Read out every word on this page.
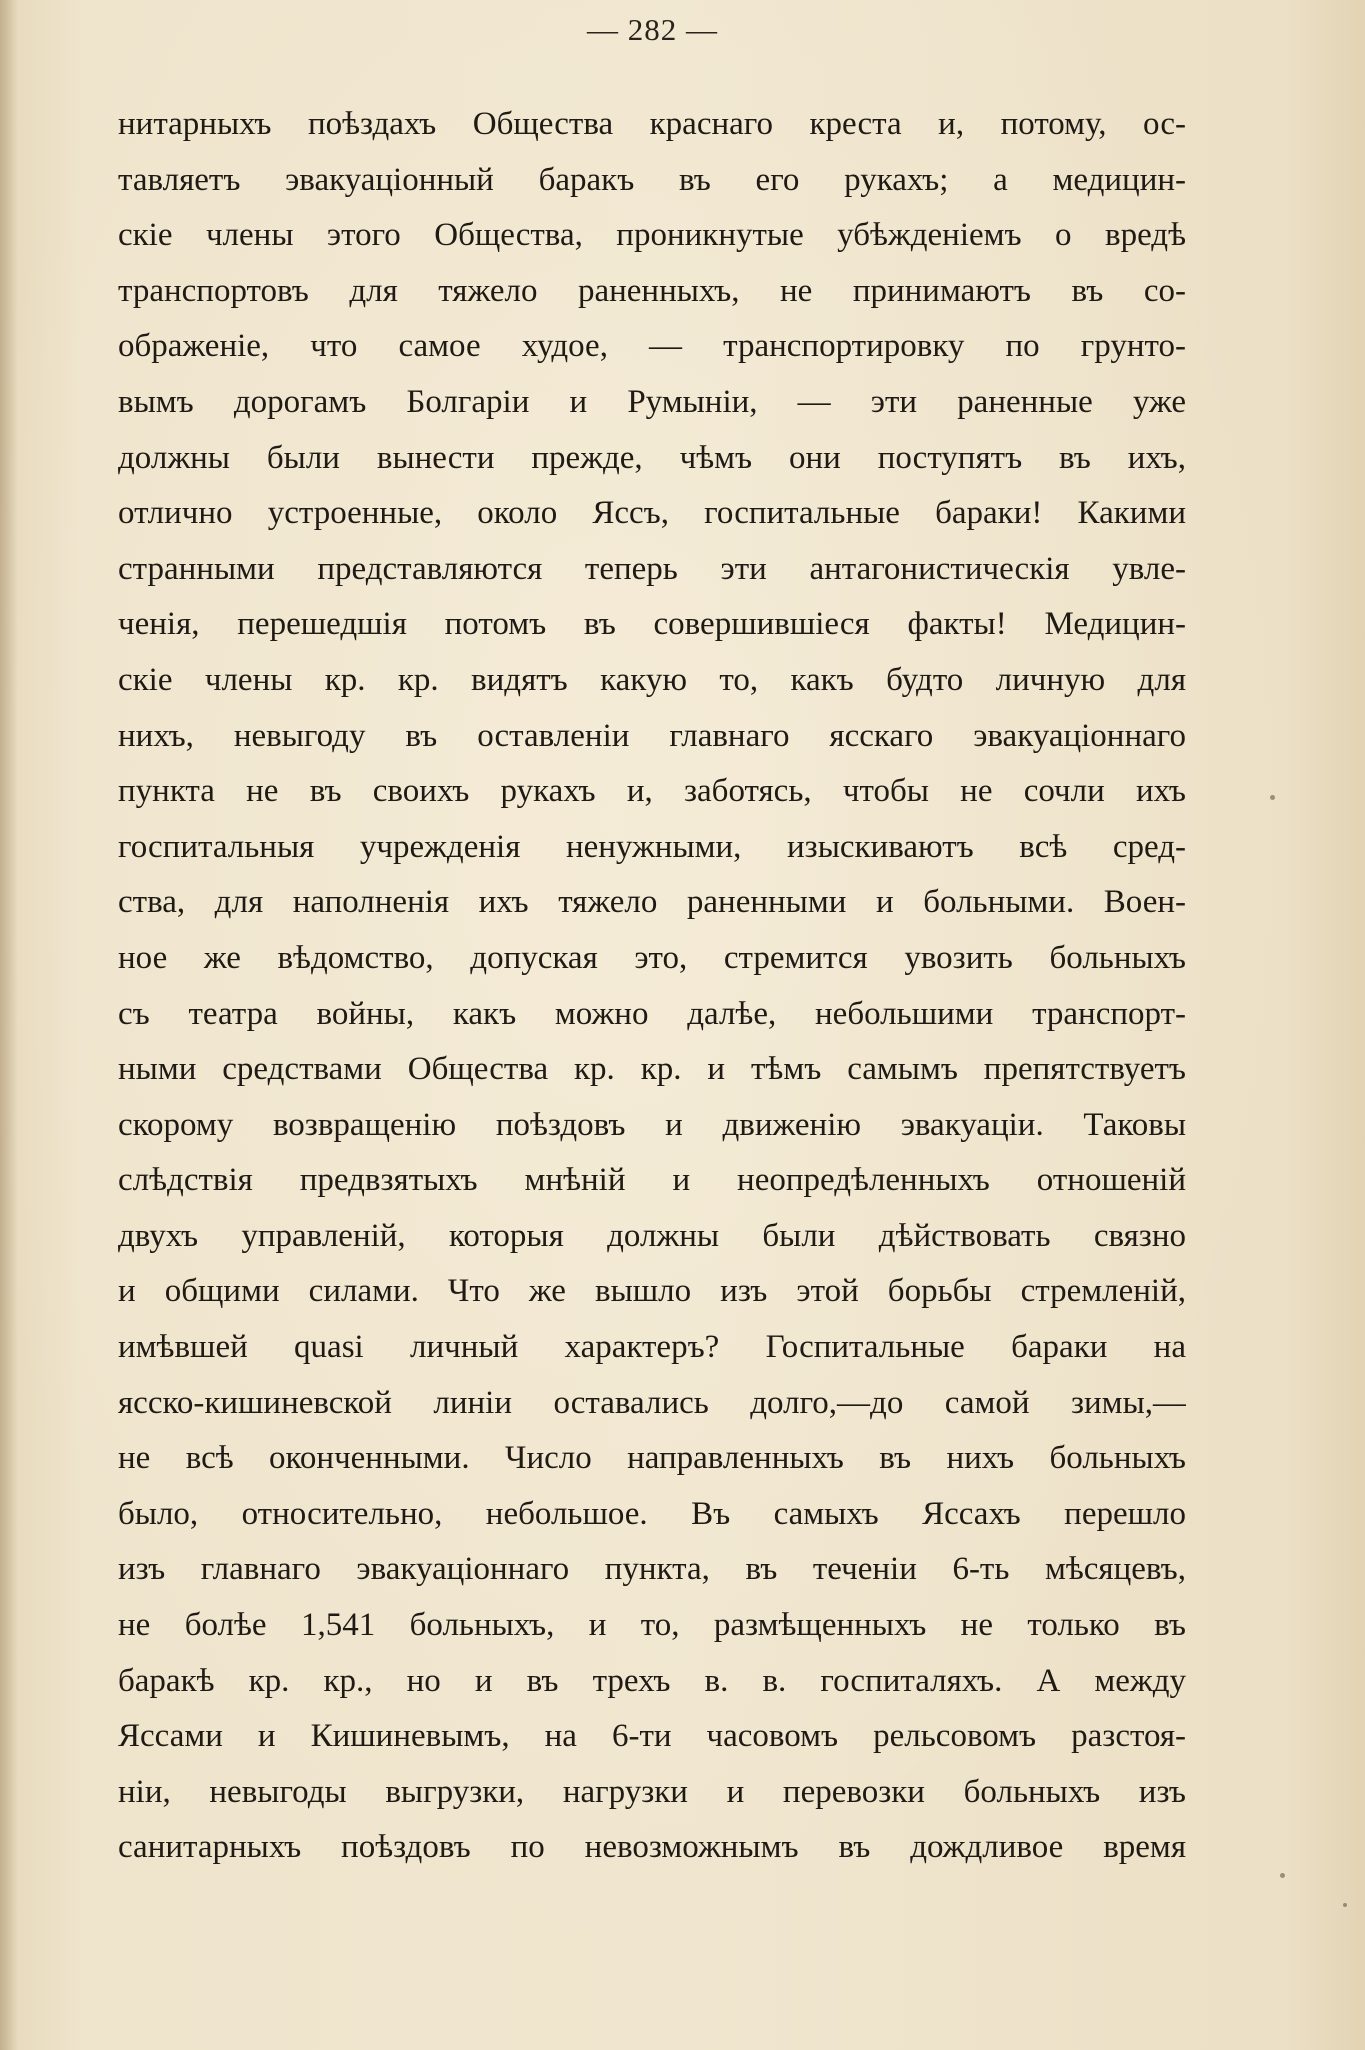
— 282 —
нитарныхъ поѣздахъ Общества краснаго креста и, потому, ос-
тавляетъ эвакуаціонный баракъ въ его рукахъ; а медицин-
скіе члены этого Общества, проникнутые убѣжденіемъ о вредѣ
транспортовъ для тяжело раненныхъ, не принимаютъ въ со-
ображеніе, что самое худое, — транспортировку по грунто-
вымъ дорогамъ Болгаріи и Румыніи, — эти раненные уже
должны были вынести прежде, чѣмъ они поступятъ въ ихъ,
отлично устроенные, около Яссъ, госпитальные бараки! Какими
странными представляются теперь эти антагонистическія увле-
ченія, перешедшія потомъ въ совершившіеся факты! Медицин-
скіе члены кр. кр. видятъ какую то, какъ будто личную для
нихъ, невыгоду въ оставленіи главнаго ясскаго эвакуаціоннаго
пункта не въ своихъ рукахъ и, заботясь, чтобы не сочли ихъ
госпитальныя учрежденія ненужными, изыскиваютъ всѣ сред-
ства, для наполненія ихъ тяжело раненными и больными. Воен-
ное же вѣдомство, допуская это, стремится увозить больныхъ
съ театра войны, какъ можно далѣе, небольшими транспорт-
ными средствами Общества кр. кр. и тѣмъ самымъ препятствуетъ
скорому возвращенію поѣздовъ и движенію эвакуаціи. Таковы
слѣдствія предвзятыхъ мнѣній и неопредѣленныхъ отношеній
двухъ управленій, которыя должны были дѣйствовать связно
и общими силами. Что же вышло изъ этой борьбы стремленій,
имѣвшей quasi личный характеръ? Госпитальные бараки на
ясско-кишиневской линіи оставались долго,—до самой зимы,—
не всѣ оконченными. Число направленныхъ въ нихъ больныхъ
было, относительно, небольшое. Въ самыхъ Яссахъ перешло
изъ главнаго эвакуаціоннаго пункта, въ теченіи 6-ть мѣсяцевъ,
не болѣе 1,541 больныхъ, и то, размѣщенныхъ не только въ
баракѣ кр. кр., но и въ трехъ в. в. госпиталяхъ. А между
Яссами и Кишиневымъ, на 6-ти часовомъ рельсовомъ разстоя-
ніи, невыгоды выгрузки, нагрузки и перевозки больныхъ изъ
санитарныхъ поѣздовъ по невозможнымъ въ дождливое время
